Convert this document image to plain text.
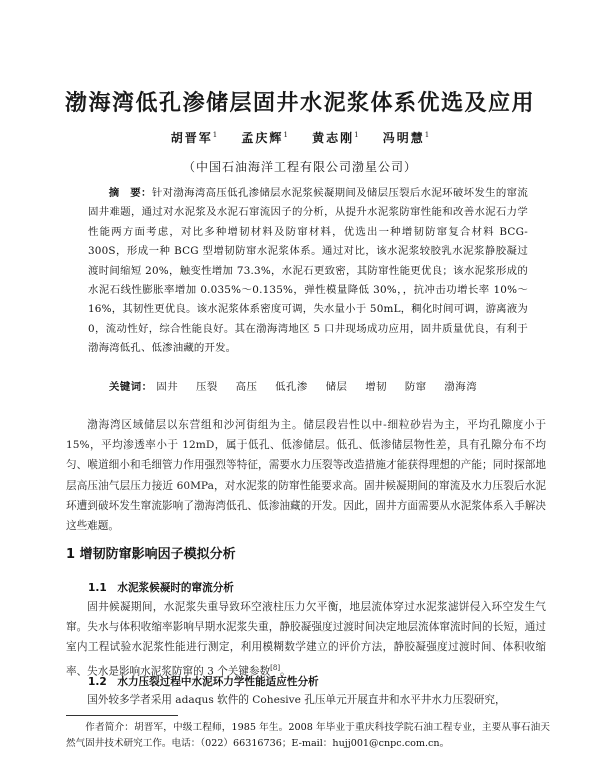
渤海湾低孔渗储层固井水泥浆体系优选及应用
胡晋军$^1$ 孟庆辉$^1$ 黄志刚$^1$ 冯明慧$^1$
（中国石油海洋工程有限公司渤星公司）
摘　要：针对渤海湾高压低孔渗储层水泥浆候凝期间及储层压裂后水泥环破坏发生的窜流固井难题，通过对水泥浆及水泥石窜流因子的分析，从提升水泥浆防窜性能和改善水泥石力学性能两方面考虑，对比多种增韧材料及防窜材料，优选出一种增韧防窜复合材料 BCG-300S，形成一种 BCG 型增韧防窜水泥浆体系。通过对比，该水泥浆较胶乳水泥浆静胶凝过渡时间缩短 20%，触变性增加 73.3%，水泥石更致密，其防窜性能更优良；该水泥浆形成的水泥石线性膨胀率增加 0.035%～0.135%，弹性模量降低 30%，，抗冲击功增长率 10%～16%，其韧性更优良。该水泥浆体系密度可调，失水量小于 50mL，稠化时间可调，游离液为 0，流动性好，综合性能良好。其在渤海湾地区 5 口井现场成功应用，固井质量优良，有利于渤海湾低孔、低渗油藏的开发。
关键词： 固井 压裂 高压 低孔渗 储层 增韧 防窜 渤海湾
渤海湾区域储层以东营组和沙河街组为主。储层段岩性以中-细粒砂岩为主，平均孔隙度小于 15%，平均渗透率小于 12mD，属于低孔、低渗储层。低孔、低渗储层物性差，具有孔隙分布不均匀、喉道细小和毛细管力作用强烈等特征，需要水力压裂等改造措施才能获得理想的产能；同时探部地层高压油气层压力接近 60MPa，对水泥浆的防窜性能要求高。固井候凝期间的窜流及水力压裂后水泥环遭到破坏发生窜流影响了渤海湾低孔、低渗油藏的开发。因此，固井方面需要从水泥浆体系入手解决这些难题。
1 增韧防窜影响因子模拟分析
1.1　水泥浆候凝时的窜流分析
固井候凝期间，水泥浆失重导致环空液柱压力欠平衡，地层流体穿过水泥浆滤饼侵入环空发生气窜。失水与体积收缩率影响早期水泥浆失重，静胶凝强度过渡时间决定地层流体窜流时间的长短，通过室内工程试验水泥浆性能进行测定，利用模糊数学建立的评价方法，静胶凝强度过渡时间、体积收缩率、失水是影响水泥浆防窜的 3 个关键参数[8]。
1.2　水力压裂过程中水泥环力学性能适应性分析
国外较多学者采用 adaqus 软件的 Cohesive 孔压单元开展直井和水平井水力压裂研究，
作者简介：胡晋军，中级工程师，1985 年生。2008 年毕业于重庆科技学院石油工程专业，主要从事石油天然气固井技术研究工作。电话：（022）66316736；E-mail：hujj001@cnpc.com.cn。
